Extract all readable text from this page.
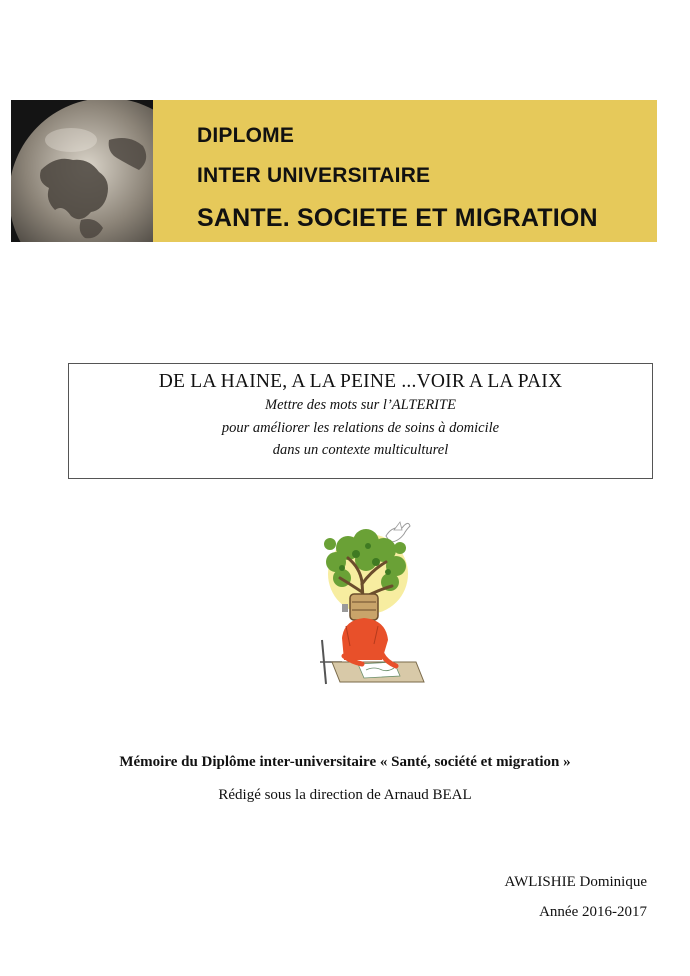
DIPLOME
INTER UNIVERSITAIRE
SANTE. SOCIETE ET MIGRATION
DE LA HAINE, A LA PEINE ...VOIR A LA PAIX
Mettre des mots sur l’ALTERITE
pour améliorer les relations de soins à domicile
dans un contexte multiculturel
Mémoire du Diplôme inter-universitaire « Santé, société et migration »
Rédigé sous la direction de Arnaud BEAL
AWLISHIE Dominique
Année 2016-2017
